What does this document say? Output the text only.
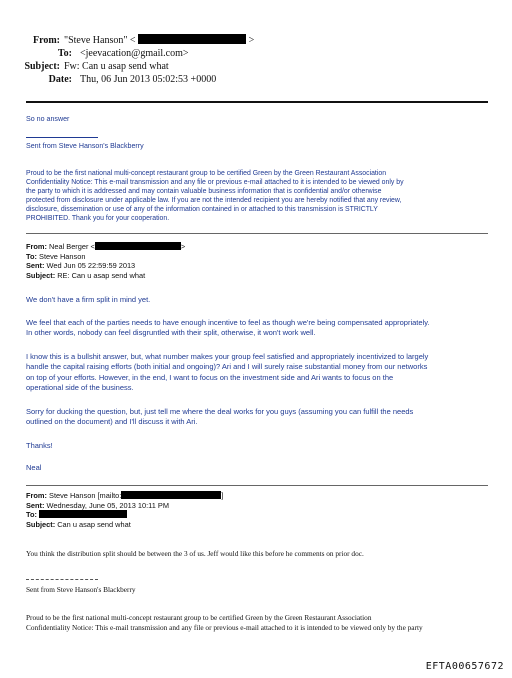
From: "Steve Hanson" <	>
To: <jeevacation@gmail.com>
Subject: Fw: Can u asap send what
Date: Thu, 06 Jun 2013 05:02:53 +0000
So no answer
Sent from Steve Hanson's Blackberry
Proud to be the first national multi-concept restaurant group to be certified Green by the Green Restaurant Association
Confidentiality Notice: This e-mail transmission and any file or previous e-mail attached to it is intended to be viewed only by
the party to which it is addressed and may contain valuable business information that is confidential and/or otherwise
protected from disclosure under applicable law. If you are not the intended recipient you are hereby notified that any review,
disclosure, dissemination or use of any of the information contained in or attached to this transmission is STRICTLY
PROHIBITED. Thank you for your cooperation.
From: Neal Berger <	>
To: Steve Hanson
Sent: Wed Jun 05 22:59:59 2013
Subject: RE: Can u asap send what
We don't have a firm split in mind yet.
We feel that each of the parties needs to have enough incentive to feel as though we're being compensated appropriately.
In other words, nobody can feel disgruntled with their split, otherwise, it won't work well.
I know this is a bullshit answer, but, what number makes your group feel satisfied and appropriately incentivized to largely
handle the capital raising efforts (both initial and ongoing)? Ari and I will surely raise substantial money from our networks
on top of your efforts. However, in the end, I want to focus on the investment side and Ari wants to focus on the
operational side of the business.
Sorry for ducking the question, but, just tell me where the deal works for you guys (assuming you can fulfill the needs
outlined on the document) and I'll discuss it with Ari.
Thanks!
Neal
From: Steve Hanson [mailto:	]
Sent: Wednesday, June 05, 2013 10:11 PM
To:
Subject: Can u asap send what
You think the distribution split should be between the 3 of us. Jeff would like this before he comments on prior doc.
Sent from Steve Hanson's Blackberry
Proud to be the first national multi-concept restaurant group to be certified Green by the Green Restaurant Association
Confidentiality Notice: This e-mail transmission and any file or previous e-mail attached to it is intended to be viewed only by the party
EFTA00657672
